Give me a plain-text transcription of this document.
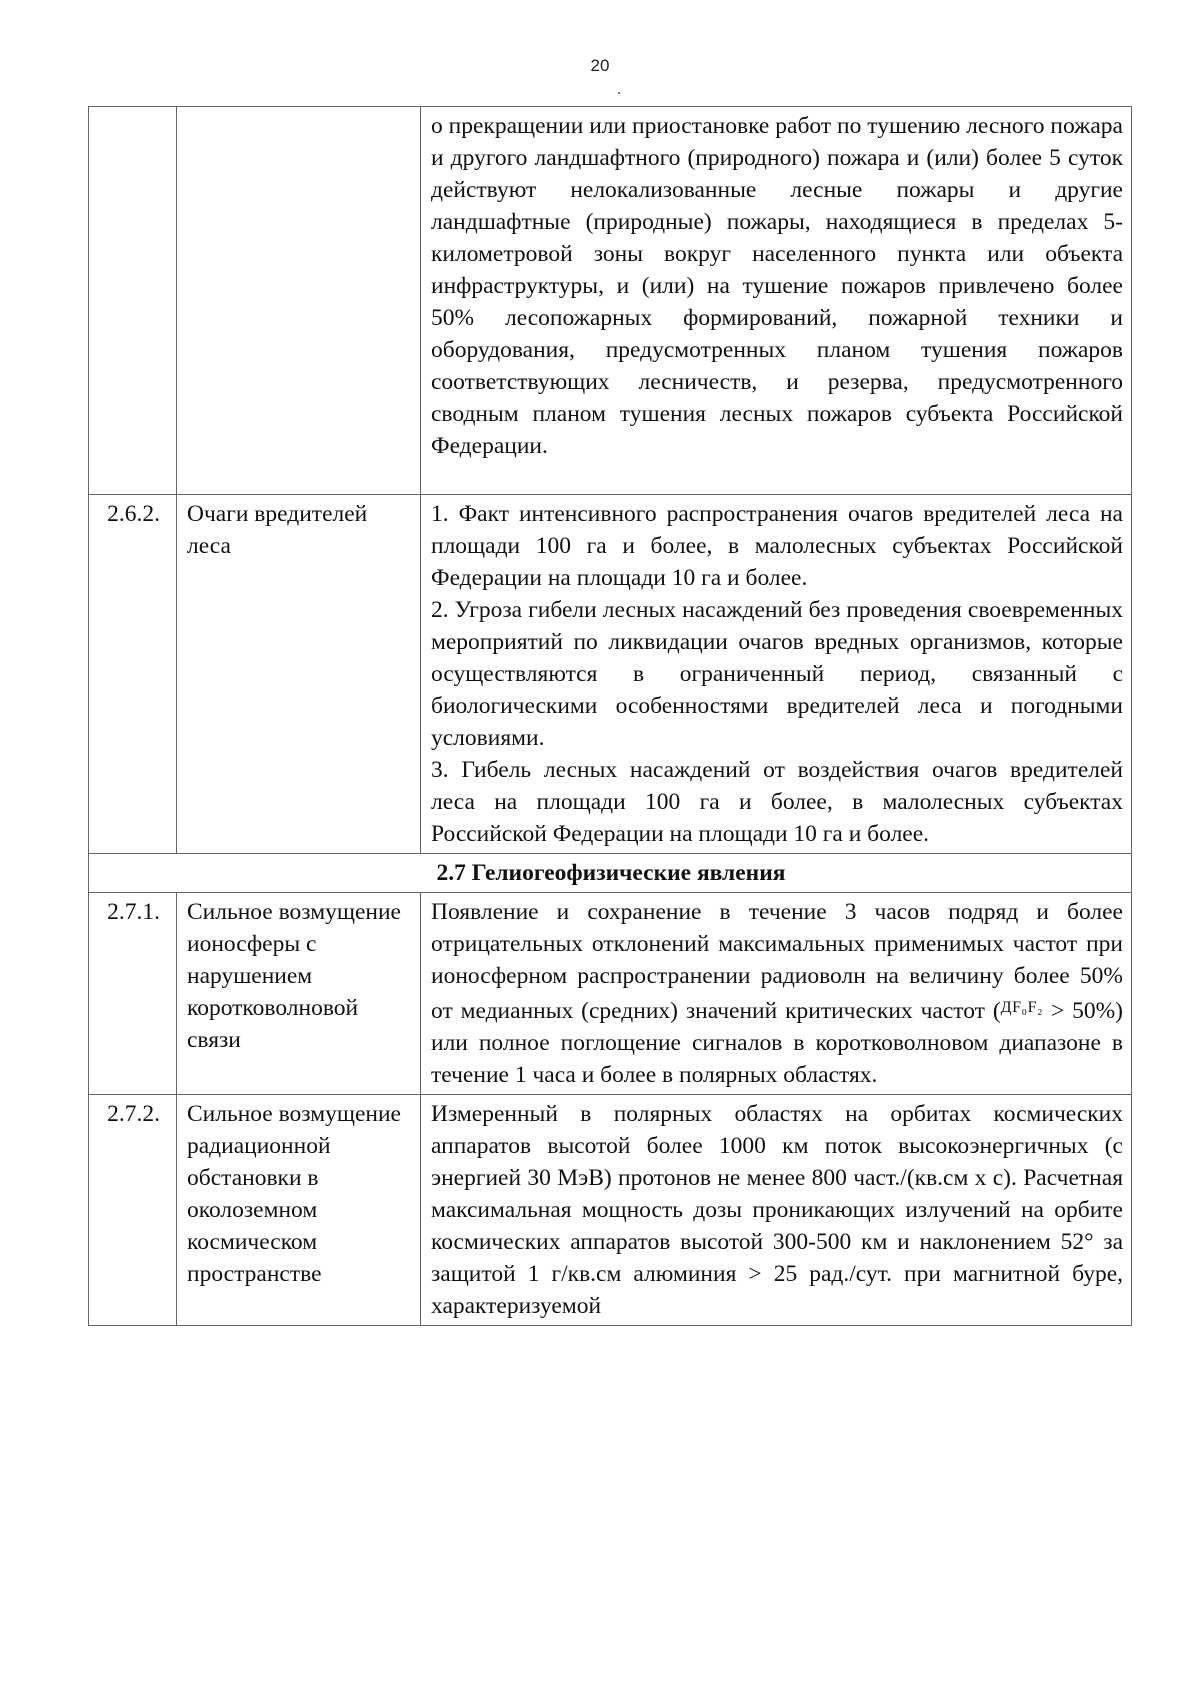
20

		о прекращении или приостановке работ по тушению лесного пожара и другого ландшафтного (природного) пожара и (или) более 5 суток действуют нелокализованные лесные пожары и другие ландшафтные (природные) пожары, находящиеся в пределах 5-километровой зоны вокруг населенного пункта или объекта инфраструктуры, и (или) на тушение пожаров привлечено более 50% лесопожарных формирований, пожарной техники и оборудования, предусмотренных планом тушения пожаров соответствующих лесничеств, и резерва, предусмотренного сводным планом тушения лесных пожаров субъекта Российской Федерации.

2.6.2.	Очаги вредителей леса	1. Факт интенсивного распространения очагов вредителей леса на площади 100 га и более, в малолесных субъектах Российской Федерации на площади 10 га и более.
2. Угроза гибели лесных насаждений без проведения своевременных мероприятий по ликвидации очагов вредных организмов, которые осуществляются в ограниченный период, связанный с биологическими особенностями вредителей леса и погодными условиями.
3. Гибель лесных насаждений от воздействия очагов вредителей леса на площади 100 га и более, в малолесных субъектах Российской Федерации на площади 10 га и более.

2.7 Гелиогеофизические явления		
2.7.1.	Сильное возмущение ионосферы с нарушением коротковолновой связи	Появление и сохранение в течение 3 часов подряд и более отрицательных отклонений максимальных применимых частот при ионосферном распространении радиоволн на величину более 50% от медианных (средних) значений критических частот ($^{ДF_0F_2}$ > 50%) или полное поглощение сигналов в коротковолновом диапазоне в течение 1 часа и более в полярных областях.
2.7.2.	Сильное возмущение радиационной обстановки в околоземном космическом пространстве	Измеренный в полярных областях на орбитах космических аппаратов высотой более 1000 км поток высокоэнергичных (с энергией 30 МэВ) протонов не менее 800 част./(кв.см х с). Расчетная максимальная мощность дозы проникающих излучений на орбите космических аппаратов высотой 300-500 км и наклонением 52° за защитой 1 г/кв.см алюминия > 25 рад./сут. при магнитной буре, характеризуемой
